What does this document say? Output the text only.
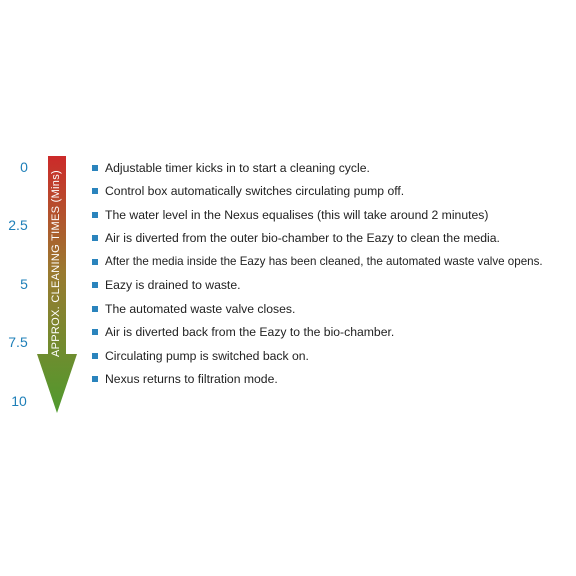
0
2.5
5
7.5
10
APPROX. CLEANING TIMES (Mins)
Adjustable timer kicks in to start a cleaning cycle.
Control box automatically switches circulating pump off.
The water level in the Nexus equalises (this will take around 2 minutes)
Air is diverted from the outer bio-chamber to the Eazy to clean the media.
After the media inside the Eazy has been cleaned, the automated waste valve opens.
Eazy is drained to waste.
The automated waste valve closes.
Air is diverted back from the Eazy to the bio-chamber.
Circulating pump is switched back on.
Nexus returns to filtration mode.
